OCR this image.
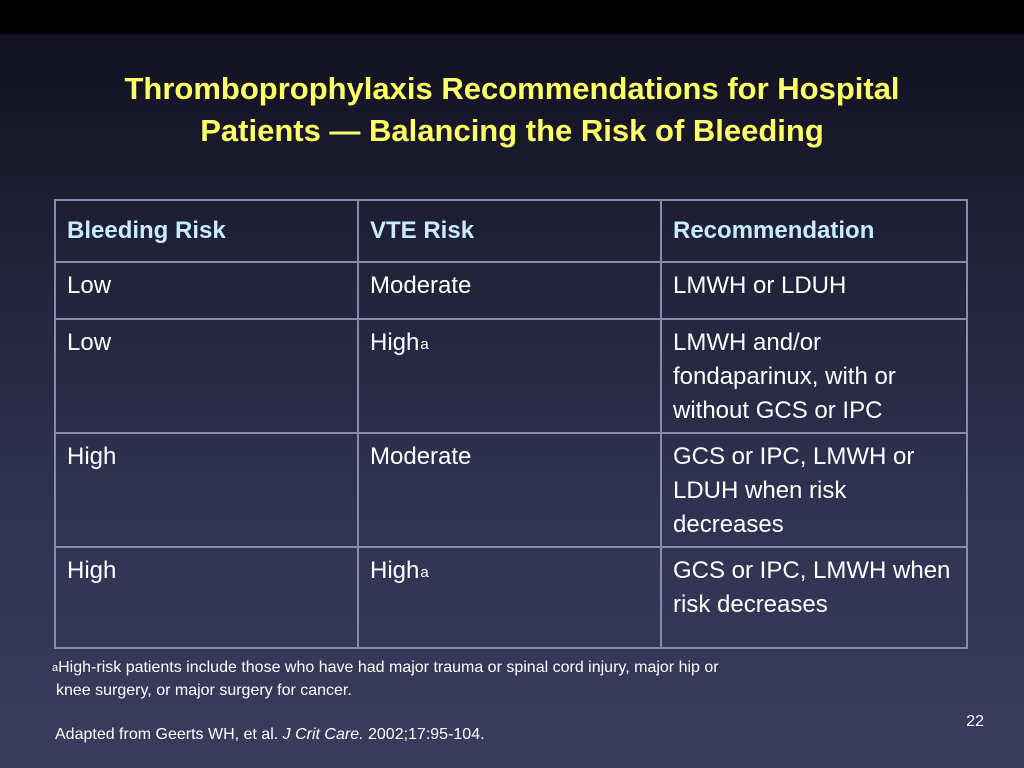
Thromboprophylaxis Recommendations for Hospital
Patients — Balancing the Risk of Bleeding
Bleeding Risk	VTE Risk	Recommendation
Low	Moderate	LMWH or LDUH
Low	High$^a$	LMWH and/or fondaparinux, with or without GCS or IPC
High	Moderate	GCS or IPC, LMWH or LDUH when risk decreases
High	High$^a$	GCS or IPC, LMWH when risk decreases
$^a$High-risk patients include those who have had major trauma or spinal cord injury, major hip or
knee surgery, or major surgery for cancer.
Adapted from Geerts WH, et al. J Crit Care. 2002;17:95-104.
22
